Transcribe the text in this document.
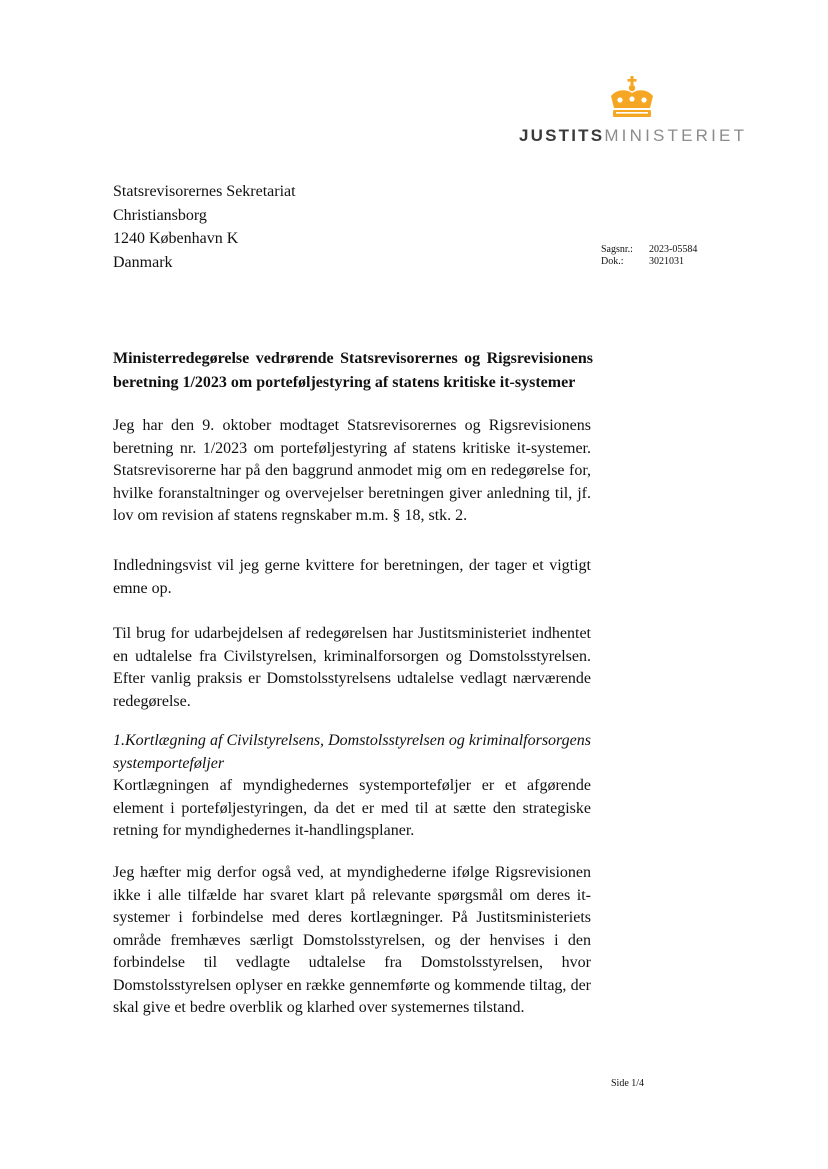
JUSTITSMINISTERIET
Statsrevisorernes Sekretariat
Christiansborg
1240 København K
Danmark
Sagsnr.:	2023-05584
Dok.:	3021031
Ministerredegørelse vedrørende Statsrevisorernes og Rigsrevisionens beretning 1/2023 om porteføljestyring af statens kritiske it-systemer
Jeg har den 9. oktober modtaget Statsrevisorernes og Rigsrevisionens beretning nr. 1/2023 om porteføljestyring af statens kritiske it-systemer. Statsrevisorerne har på den baggrund anmodet mig om en redegørelse for, hvilke foranstaltninger og overvejelser beretningen giver anledning til, jf. lov om revision af statens regnskaber m.m. § 18, stk. 2.
Indledningsvist vil jeg gerne kvittere for beretningen, der tager et vigtigt emne op.
Til brug for udarbejdelsen af redegørelsen har Justitsministeriet indhentet en udtalelse fra Civilstyrelsen, kriminalforsorgen og Domstolsstyrelsen. Efter vanlig praksis er Domstolsstyrelsens udtalelse vedlagt nærværende redegørelse.
1.Kortlægning af Civilstyrelsens, Domstolsstyrelsen og kriminalforsorgens systemporteføljer
Kortlægningen af myndighedernes systemporteføljer er et afgørende element i porteføljestyringen, da det er med til at sætte den strategiske retning for myndighedernes it-handlingsplaner.
Jeg hæfter mig derfor også ved, at myndighederne ifølge Rigsrevisionen ikke i alle tilfælde har svaret klart på relevante spørgsmål om deres it-systemer i forbindelse med deres kortlægninger. På Justitsministeriets område fremhæves særligt Domstolsstyrelsen, og der henvises i den forbindelse til vedlagte udtalelse fra Domstolsstyrelsen, hvor Domstolsstyrelsen oplyser en række gennemførte og kommende tiltag, der skal give et bedre overblik og klarhed over systemernes tilstand.
Side 1/4
